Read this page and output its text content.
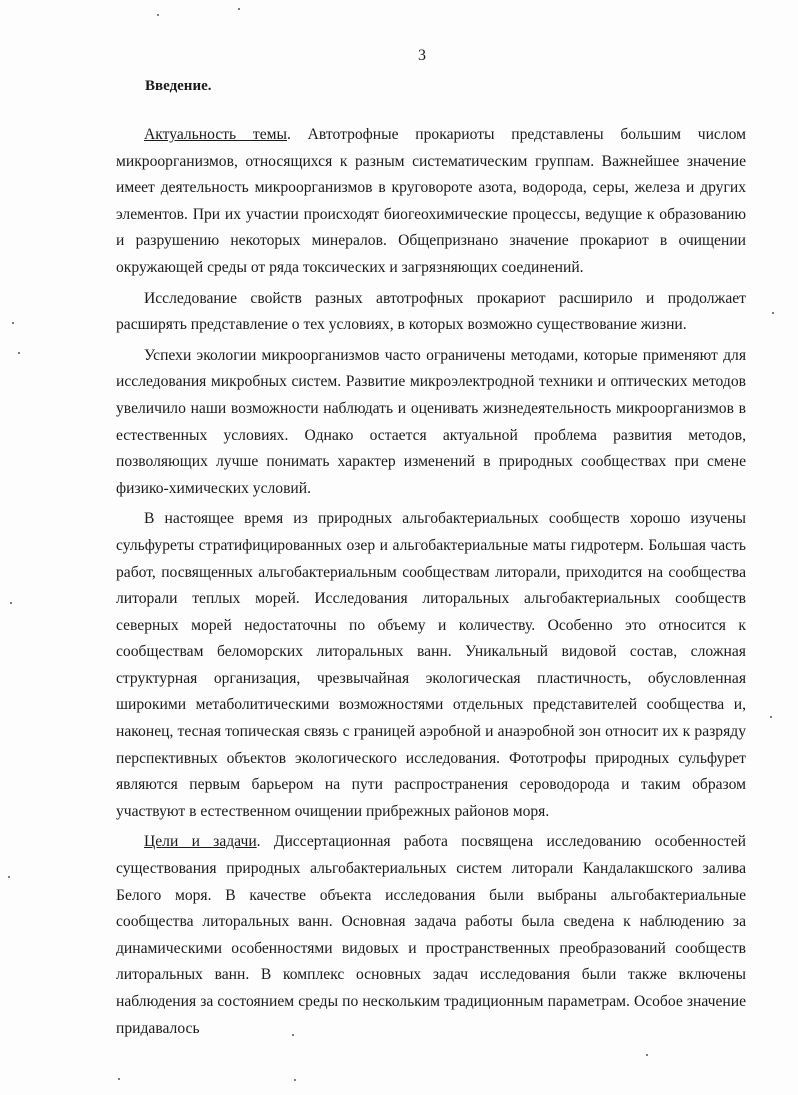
3
Введение.

Актуальность темы. Автотрофные прокариоты представлены большим числом микроорганизмов, относящихся к разным систематическим группам. Важнейшее значение имеет деятельность микроорганизмов в круговороте азота, водорода, серы, железа и других элементов. При их участии происходят биогеохимические процессы, ведущие к образованию и разрушению некоторых минералов. Общепризнано значение прокариот в очищении окружающей среды от ряда токсических и загрязняющих соединений.

Исследование свойств разных автотрофных прокариот расширило и продолжает расширять представление о тех условиях, в которых возможно существование жизни.

Успехи экологии микроорганизмов часто ограничены методами, которые применяют для исследования микробных систем. Развитие микроэлектродной техники и оптических методов увеличило наши возможности наблюдать и оценивать жизнедеятельность микроорганизмов в естественных условиях. Однако остается актуальной проблема развития методов, позволяющих лучше понимать характер изменений в природных сообществах при смене физико-химических условий.

В настоящее время из природных альгобактериальных сообществ хорошо изучены сульфуреты стратифицированных озер и альгобактериальные маты гидротерм. Большая часть работ, посвященных альгобактериальным сообществам литорали, приходится на сообщества литорали теплых морей. Исследования литоральных альгобактериальных сообществ северных морей недостаточны по объему и количеству. Особенно это относится к сообществам беломорских литоральных ванн. Уникальный видовой состав, сложная структурная организация, чрезвычайная экологическая пластичность, обусловленная широкими метаболитическими возможностями отдельных представителей сообщества и, наконец, тесная топическая связь с границей аэробной и анаэробной зон относит их к разряду перспективных объектов экологического исследования. Фототрофы природных сульфурет являются первым барьером на пути распространения сероводорода и таким образом участвуют в естественном очищении прибрежных районов моря.

Цели и задачи. Диссертационная работа посвящена исследованию особенностей существования природных альгобактериальных систем литорали Кандалакшского залива Белого моря. В качестве объекта исследования были выбраны альгобактериальные сообщества литоральных ванн. Основная задача работы была сведена к наблюдению за динамическими особенностями видовых и пространственных преобразований сообществ литоральных ванн. В комплекс основных задач исследования были также включены наблюдения за состоянием среды по нескольким традиционным параметрам. Особое значение придавалось
